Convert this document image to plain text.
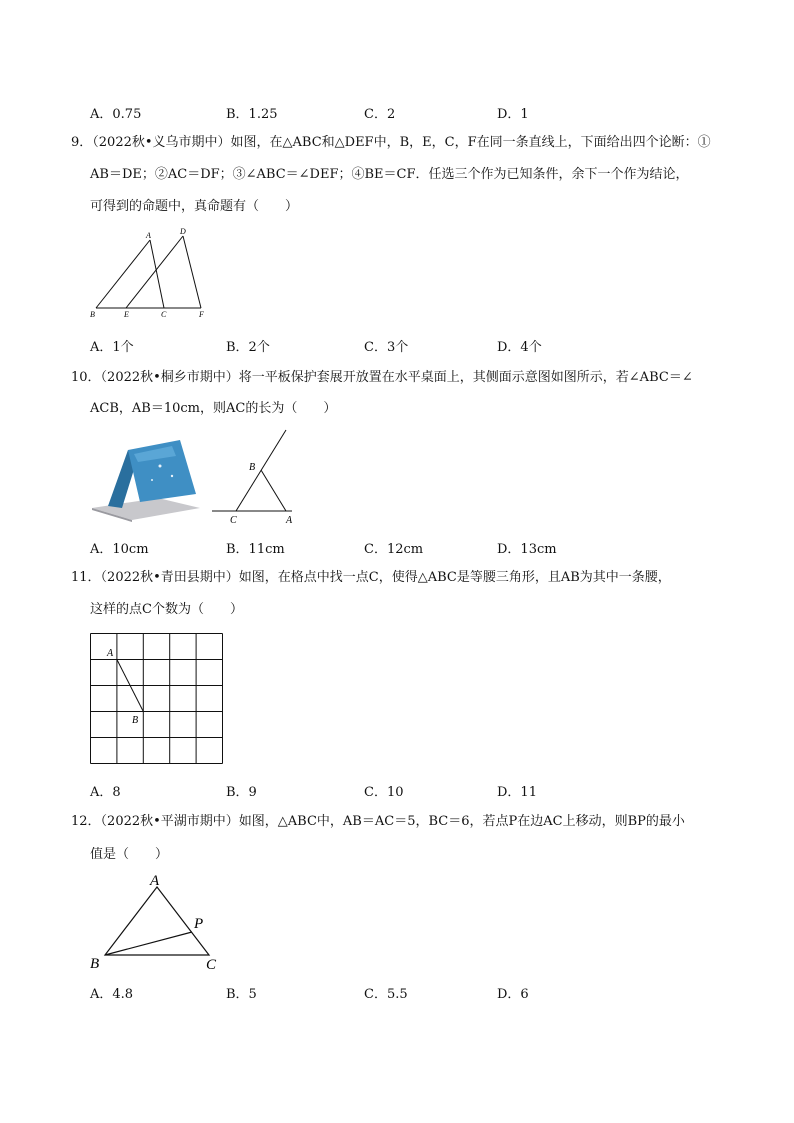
A．0.75	B．1.25	C．2	D．1
9．（2022秋•义乌市期中）如图，在△ABC和△DEF中，B，E，C，F在同一条直线上，下面给出四个论断：①
AB＝DE；②AC＝DF；③∠ABC＝∠DEF；④BE＝CF．任选三个作为已知条件，余下一个作为结论，
可得到的命题中，真命题有（　　）
A	D
B	E	C	F
A．1个	B．2个	C．3个	D．4个
10．（2022秋•桐乡市期中）将一平板保护套展开放置在水平桌面上，其侧面示意图如图所示，若∠ABC＝∠
ACB，AB＝10cm，则AC的长为（　　）
B
C	A
A．10cm	B．11cm	C．12cm	D．13cm
11．（2022秋•青田县期中）如图，在格点中找一点C，使得△ABC是等腰三角形，且AB为其中一条腰，
这样的点C个数为（　　）
A
B
A．8	B．9	C．10	D．11
12．（2022秋•平湖市期中）如图，△ABC中，AB＝AC＝5，BC＝6，若点P在边AC上移动，则BP的最小
值是（　　）
A
P
B	C
A．4.8	B．5	C．5.5	D．6
